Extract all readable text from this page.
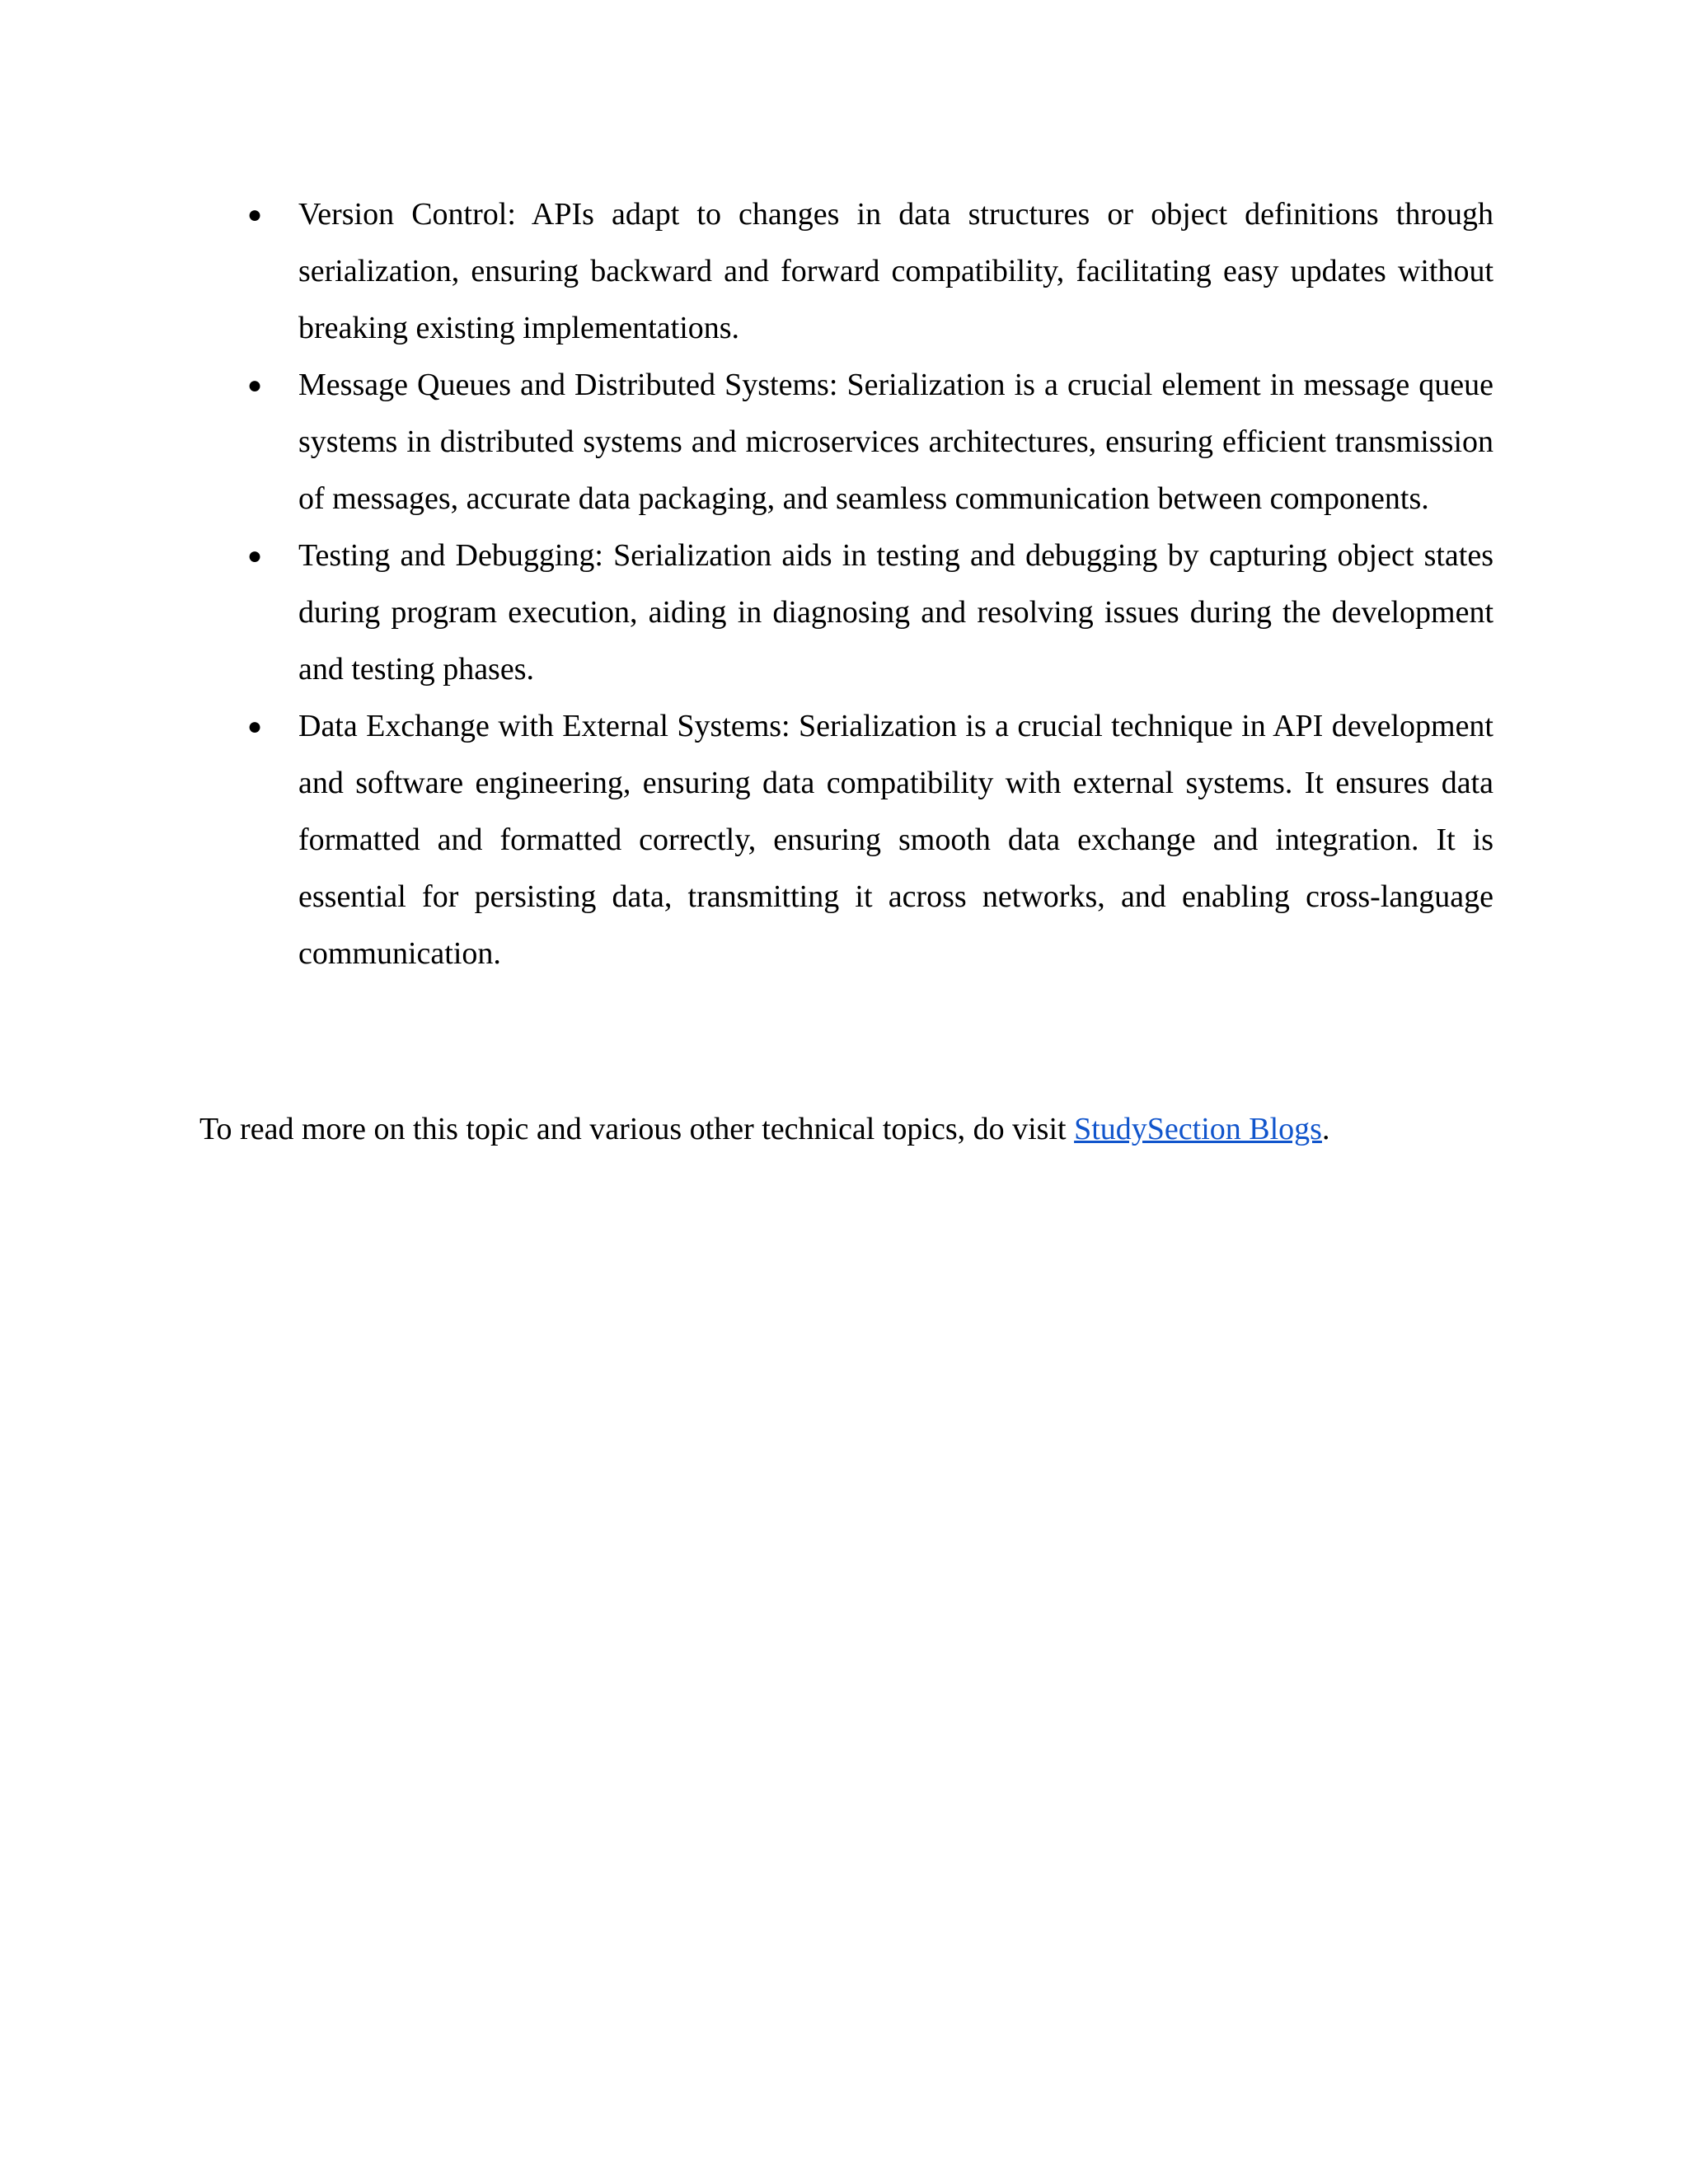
● Version Control: APIs adapt to changes in data structures or object definitions through serialization, ensuring backward and forward compatibility, facilitating easy updates without breaking existing implementations.
● Message Queues and Distributed Systems: Serialization is a crucial element in message queue systems in distributed systems and microservices architectures, ensuring efficient transmission of messages, accurate data packaging, and seamless communication between components.
● Testing and Debugging: Serialization aids in testing and debugging by capturing object states during program execution, aiding in diagnosing and resolving issues during the development and testing phases.
● Data Exchange with External Systems: Serialization is a crucial technique in API development and software engineering, ensuring data compatibility with external systems. It ensures data formatted and formatted correctly, ensuring smooth data exchange and integration. It is essential for persisting data, transmitting it across networks, and enabling cross-language communication.

To read more on this topic and various other technical topics, do visit StudySection Blogs.
